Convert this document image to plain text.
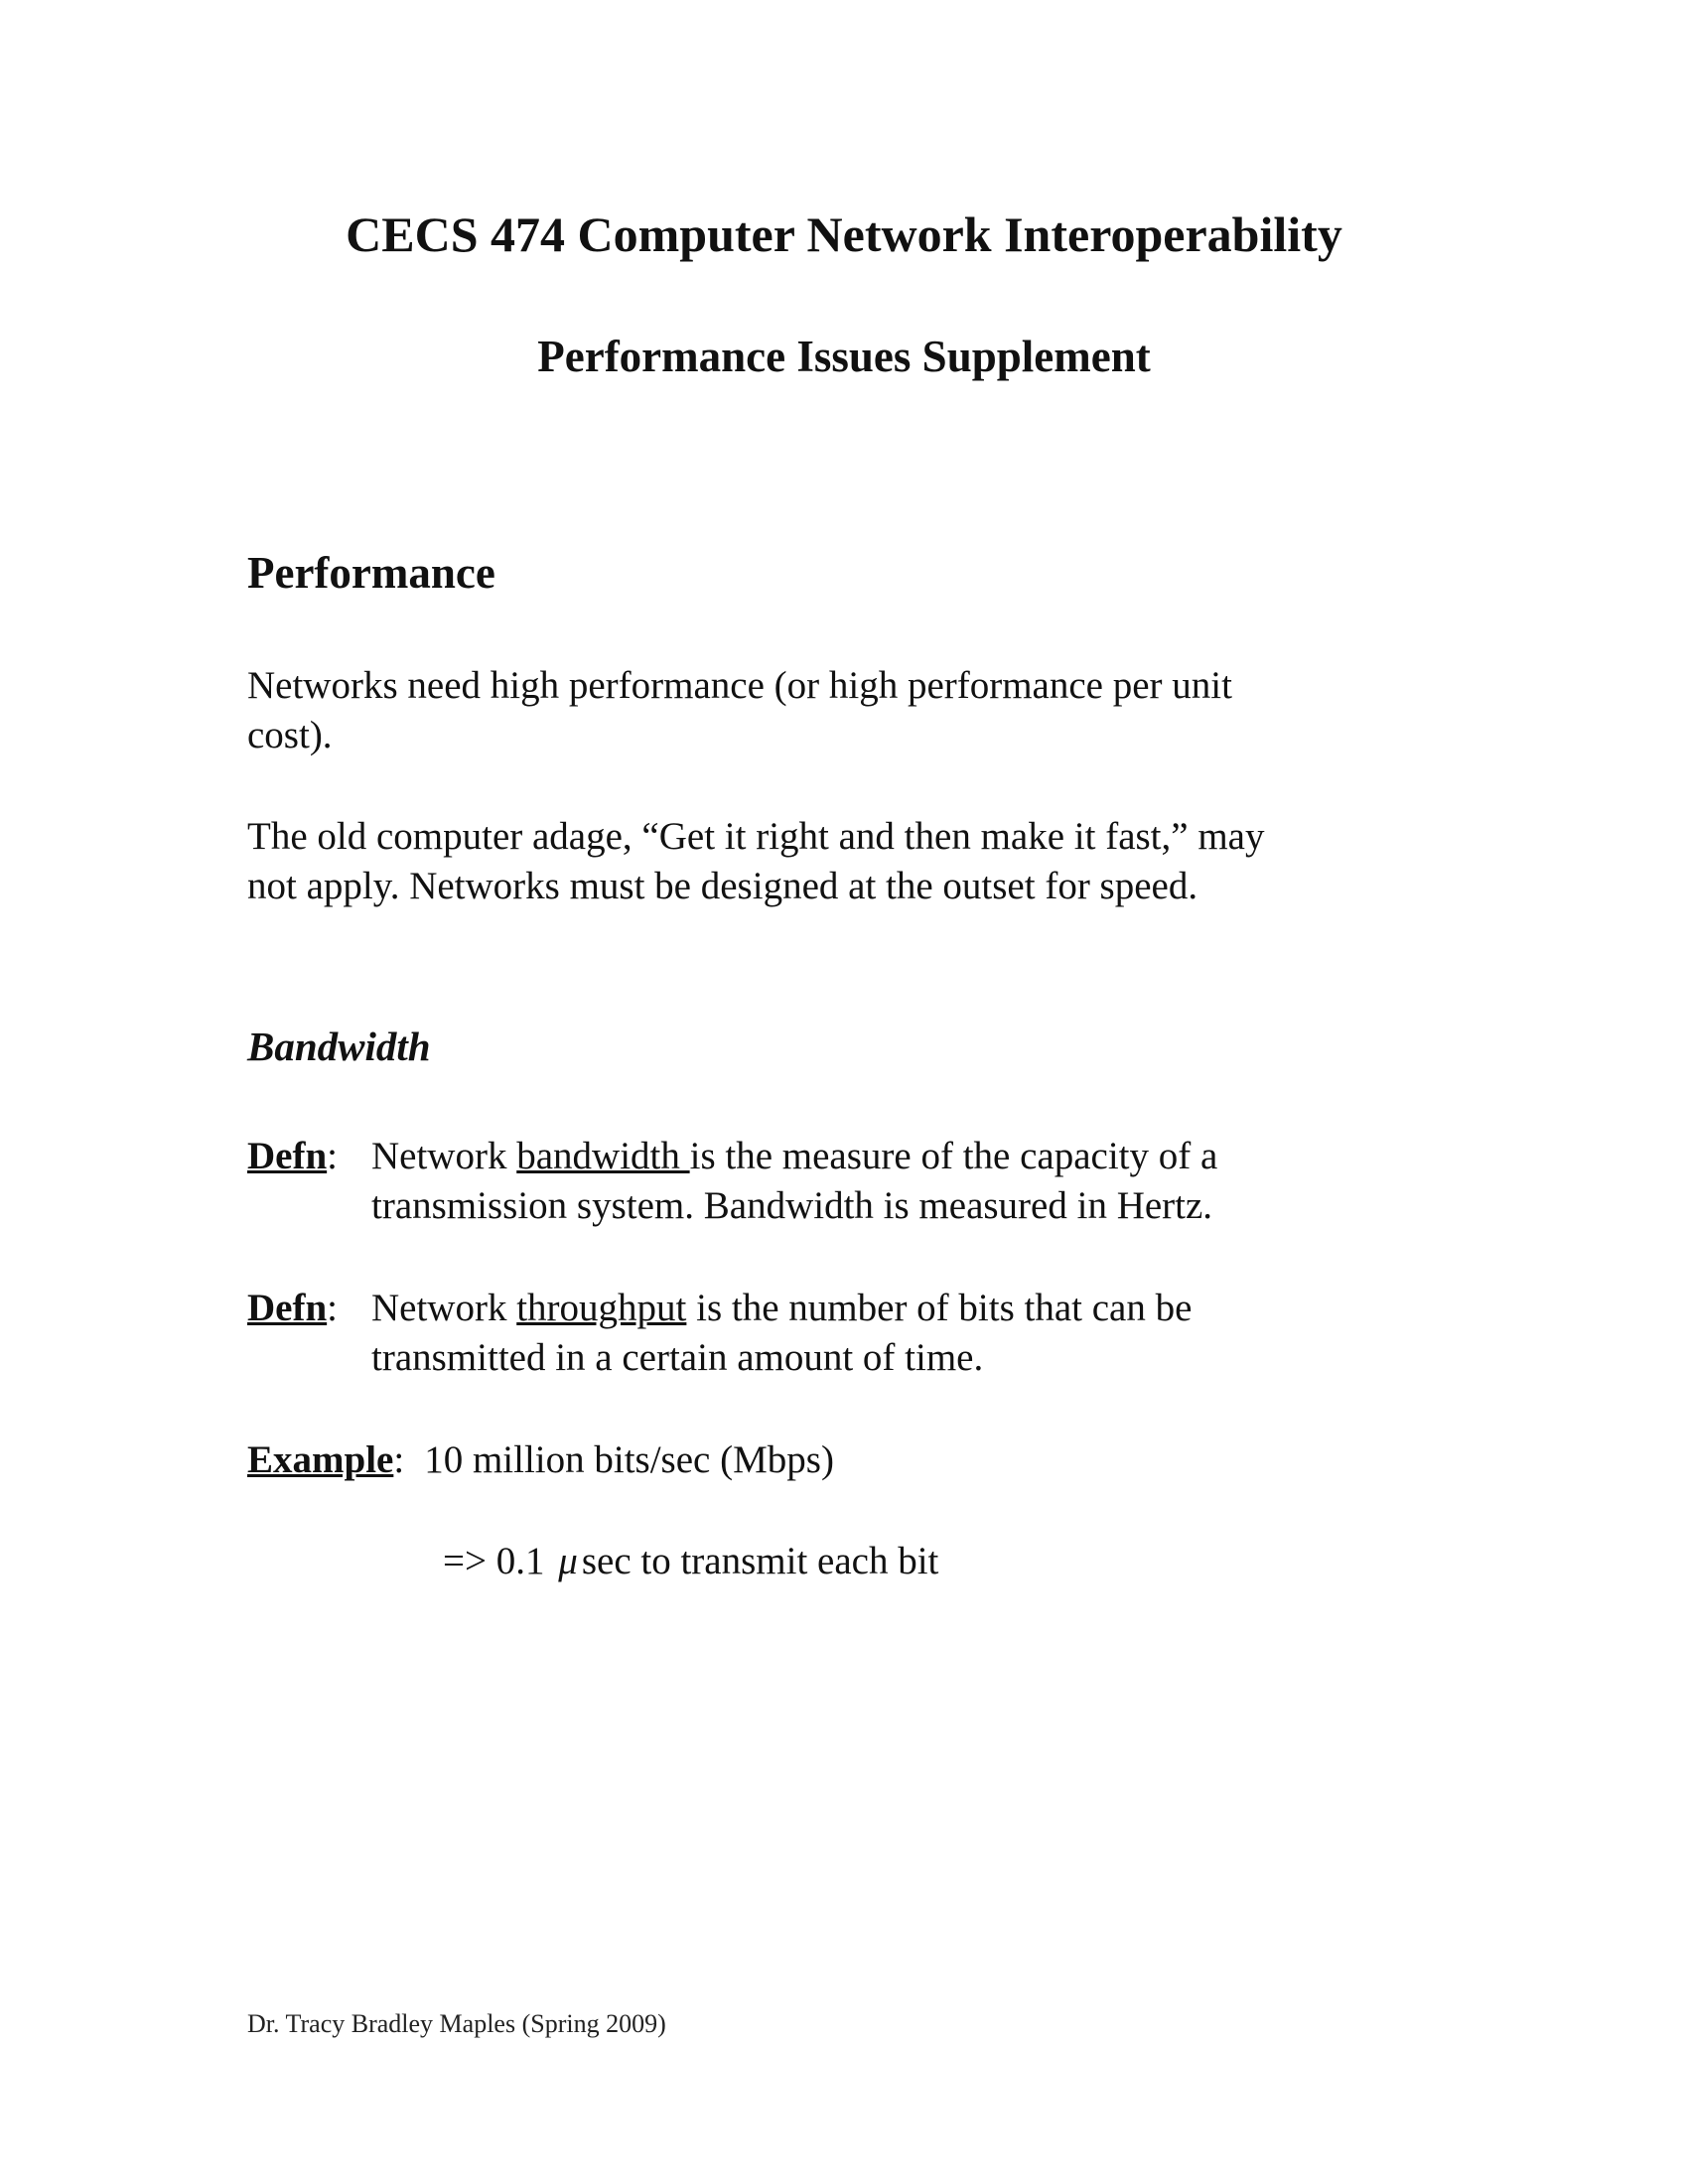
CECS 474 Computer Network Interoperability
Performance Issues Supplement
Performance
Networks need high performance (or high performance per unit
cost).
The old computer adage, “Get it right and then make it fast,” may
not apply. Networks must be designed at the outset for speed.
Bandwidth
Defn: Network bandwidth is the measure of the capacity of a
transmission system. Bandwidth is measured in Hertz.
Defn: Network throughput is the number of bits that can be
transmitted in a certain amount of time.
Example: 10 million bits/sec (Mbps)
=> 0.1 μ sec to transmit each bit
Dr. Tracy Bradley Maples (Spring 2009)
